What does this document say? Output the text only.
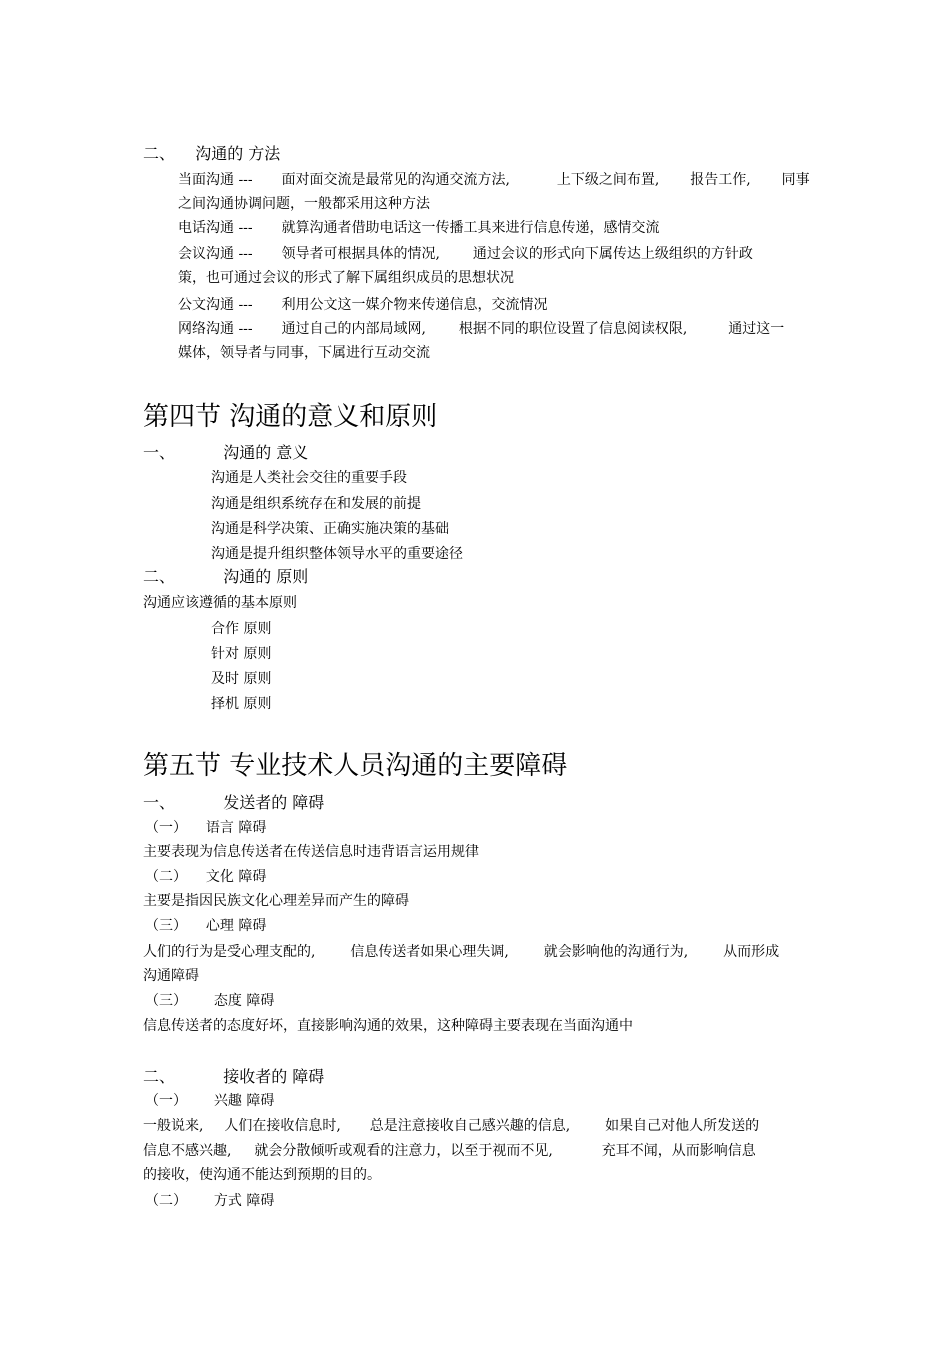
二、 沟通的 方法
当面沟通 --- 面对面交流是最常见的沟通交流方法,	上下级之间布置, 报告工作, 同事
之间沟通协调问题，一般都采用这种方法
电话沟通 --- 就算沟通者借助电话这一传播工具来进行信息传递，感情交流
会议沟通 --- 领导者可根据具体的情况, 通过会议的形式向下属传达上级组织的方针政
策，也可通过会议的形式了解下属组织成员的思想状况
公文沟通 --- 利用公文这一媒介物来传递信息，交流情况
网络沟通 --- 通过自己的内部局域网, 根据不同的职位设置了信息阅读权限,	通过这一
媒体，领导者与同事，下属进行互动交流
第四节 沟通的意义和原则
一、	沟通的 意义
沟通是人类社会交往的重要手段
沟通是组织系统存在和发展的前提
沟通是科学决策、正确实施决策的基础
沟通是提升组织整体领导水平的重要途径
二、	沟通的 原则
沟通应该遵循的基本原则
合作 原则
针对 原则
及时 原则
择机 原则
第五节 专业技术人员沟通的主要障碍
一、	发送者的 障碍
（一） 语言 障碍
主要表现为信息传送者在传送信息时违背语言运用规律
（二） 文化 障碍
主要是指因民族文化心理差异而产生的障碍
（三） 心理 障碍
人们的行为是受心理支配的, 信息传送者如果心理失调, 就会影响他的沟通行为, 从而形成
沟通障碍
（三） 态度 障碍
信息传送者的态度好坏，直接影响沟通的效果，这种障碍主要表现在当面沟通中
二、	接收者的 障碍
（一） 兴趣 障碍
一般说来, 人们在接收信息时, 总是注意接收自己感兴趣的信息, 如果自己对他人所发送的
信息不感兴趣, 就会分散倾听或观看的注意力，以至于视而不见,	充耳不闻，从而影响信息
的接收，使沟通不能达到预期的目的。
（二） 方式 障碍
